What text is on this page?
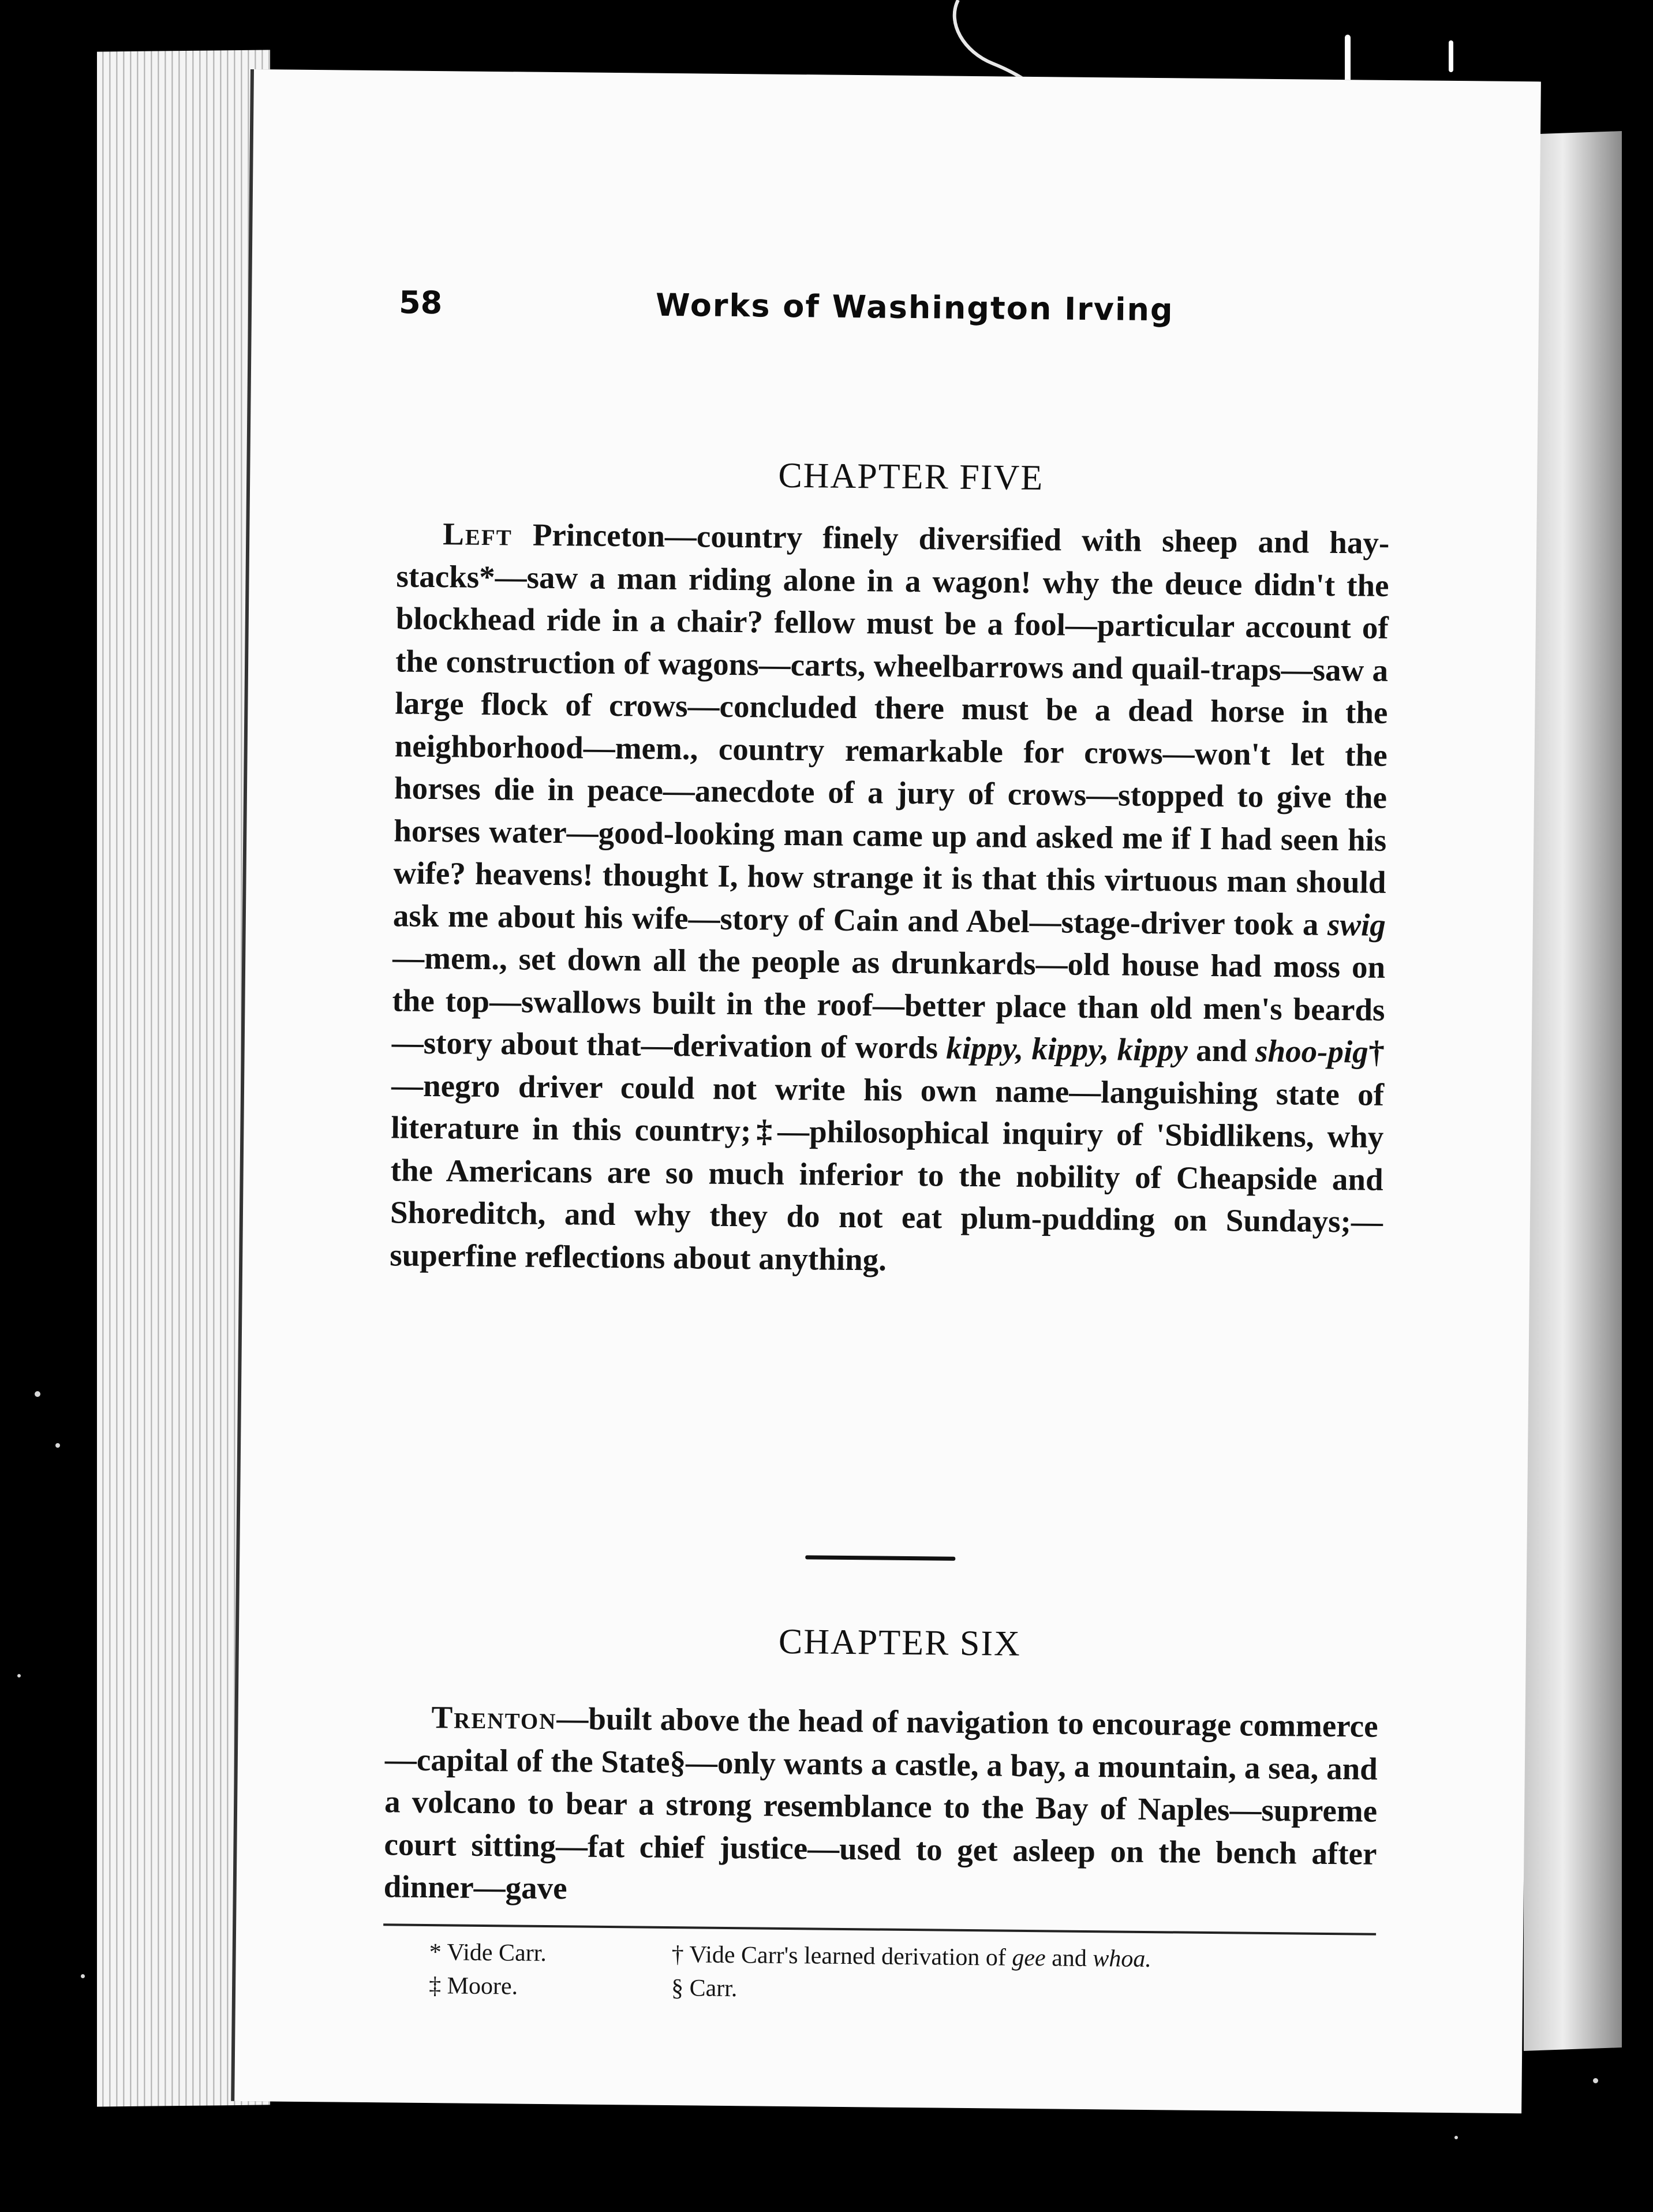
58	Works of Washington Irving
CHAPTER FIVE

Left Princeton—country finely diversified with sheep and hay-stacks*—saw a man riding alone in a wagon! why the deuce didn't the blockhead ride in a chair? fellow must be a fool—particular account of the construction of wagons—carts, wheelbarrows and quail-traps—saw a large flock of crows—concluded there must be a dead horse in the neighborhood—mem., country remarkable for crows—won't let the horses die in peace—anecdote of a jury of crows—stopped to give the horses water—good-looking man came up and asked me if I had seen his wife? heavens! thought I, how strange it is that this virtuous man should ask me about his wife—story of Cain and Abel—stage-driver took a swig—mem., set down all the people as drunkards—old house had moss on the top—swallows built in the roof—better place than old men's beards—story about that—derivation of words kippy, kippy, kippy and shoo-pig†—negro driver could not write his own name—languishing state of literature in this country;‡—philosophical inquiry of 'Sbidlikens, why the Americans are so much inferior to the nobility of Cheapside and Shoreditch, and why they do not eat plum-pudding on Sundays;—superfine reflections about anything.

CHAPTER SIX

Trenton—built above the head of navigation to encourage commerce—capital of the State§—only wants a castle, a bay, a mountain, a sea, and a volcano to bear a strong resemblance to the Bay of Naples—supreme court sitting—fat chief justice—used to get asleep on the bench after dinner—gave

* Vide Carr.	† Vide Carr's learned derivation of gee and whoa.
‡ Moore.	§ Carr.
